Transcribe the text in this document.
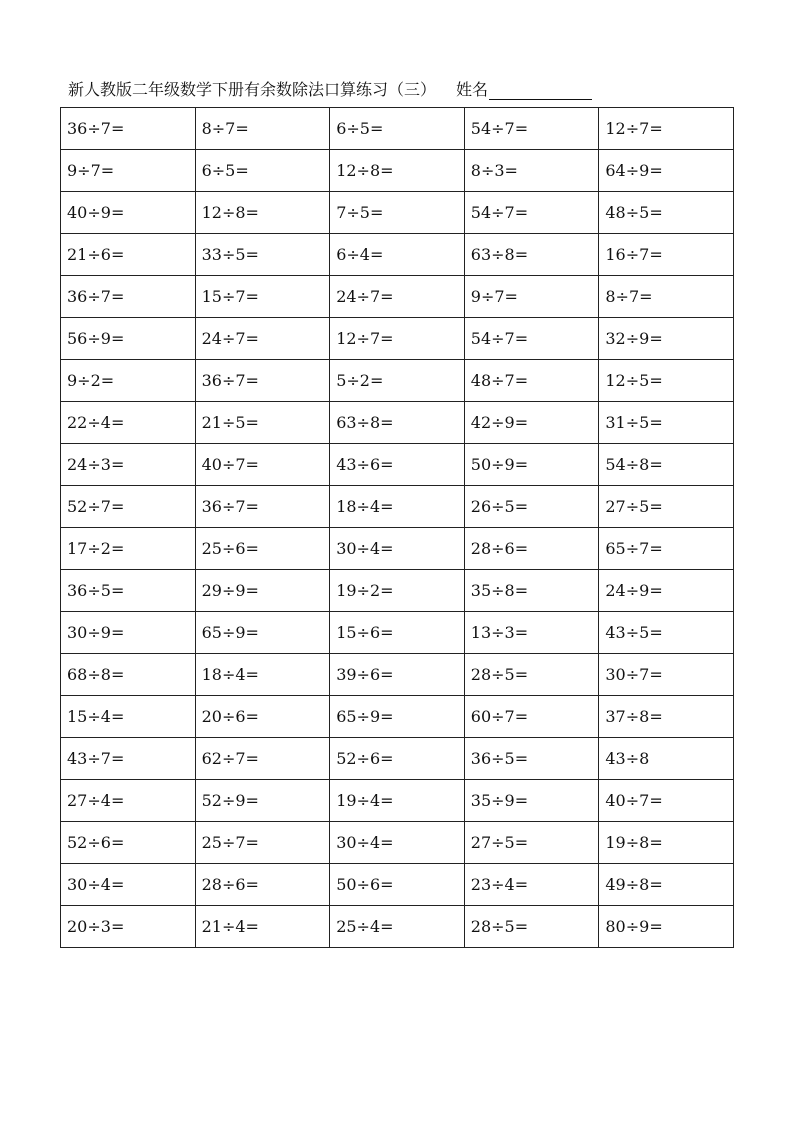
新人教版二年级数学下册有余数除法口算练习（三） 姓名
36÷7=	8÷7=	6÷5=	54÷7=	12÷7=
9÷7=	6÷5=	12÷8=	8÷3=	64÷9=
40÷9=	12÷8=	7÷5=	54÷7=	48÷5=
21÷6=	33÷5=	6÷4=	63÷8=	16÷7=
36÷7=	15÷7=	24÷7=	9÷7=	8÷7=
56÷9=	24÷7=	12÷7=	54÷7=	32÷9=
9÷2=	36÷7=	5÷2=	48÷7=	12÷5=
22÷4=	21÷5=	63÷8=	42÷9=	31÷5=
24÷3=	40÷7=	43÷6=	50÷9=	54÷8=
52÷7=	36÷7=	18÷4=	26÷5=	27÷5=
17÷2=	25÷6=	30÷4=	28÷6=	65÷7=
36÷5=	29÷9=	19÷2=	35÷8=	24÷9=
30÷9=	65÷9=	15÷6=	13÷3=	43÷5=
68÷8=	18÷4=	39÷6=	28÷5=	30÷7=
15÷4=	20÷6=	65÷9=	60÷7=	37÷8=
43÷7=	62÷7=	52÷6=	36÷5=	43÷8
27÷4=	52÷9=	19÷4=	35÷9=	40÷7=
52÷6=	25÷7=	30÷4=	27÷5=	19÷8=
30÷4=	28÷6=	50÷6=	23÷4=	49÷8=
20÷3=	21÷4=	25÷4=	28÷5=	80÷9=
